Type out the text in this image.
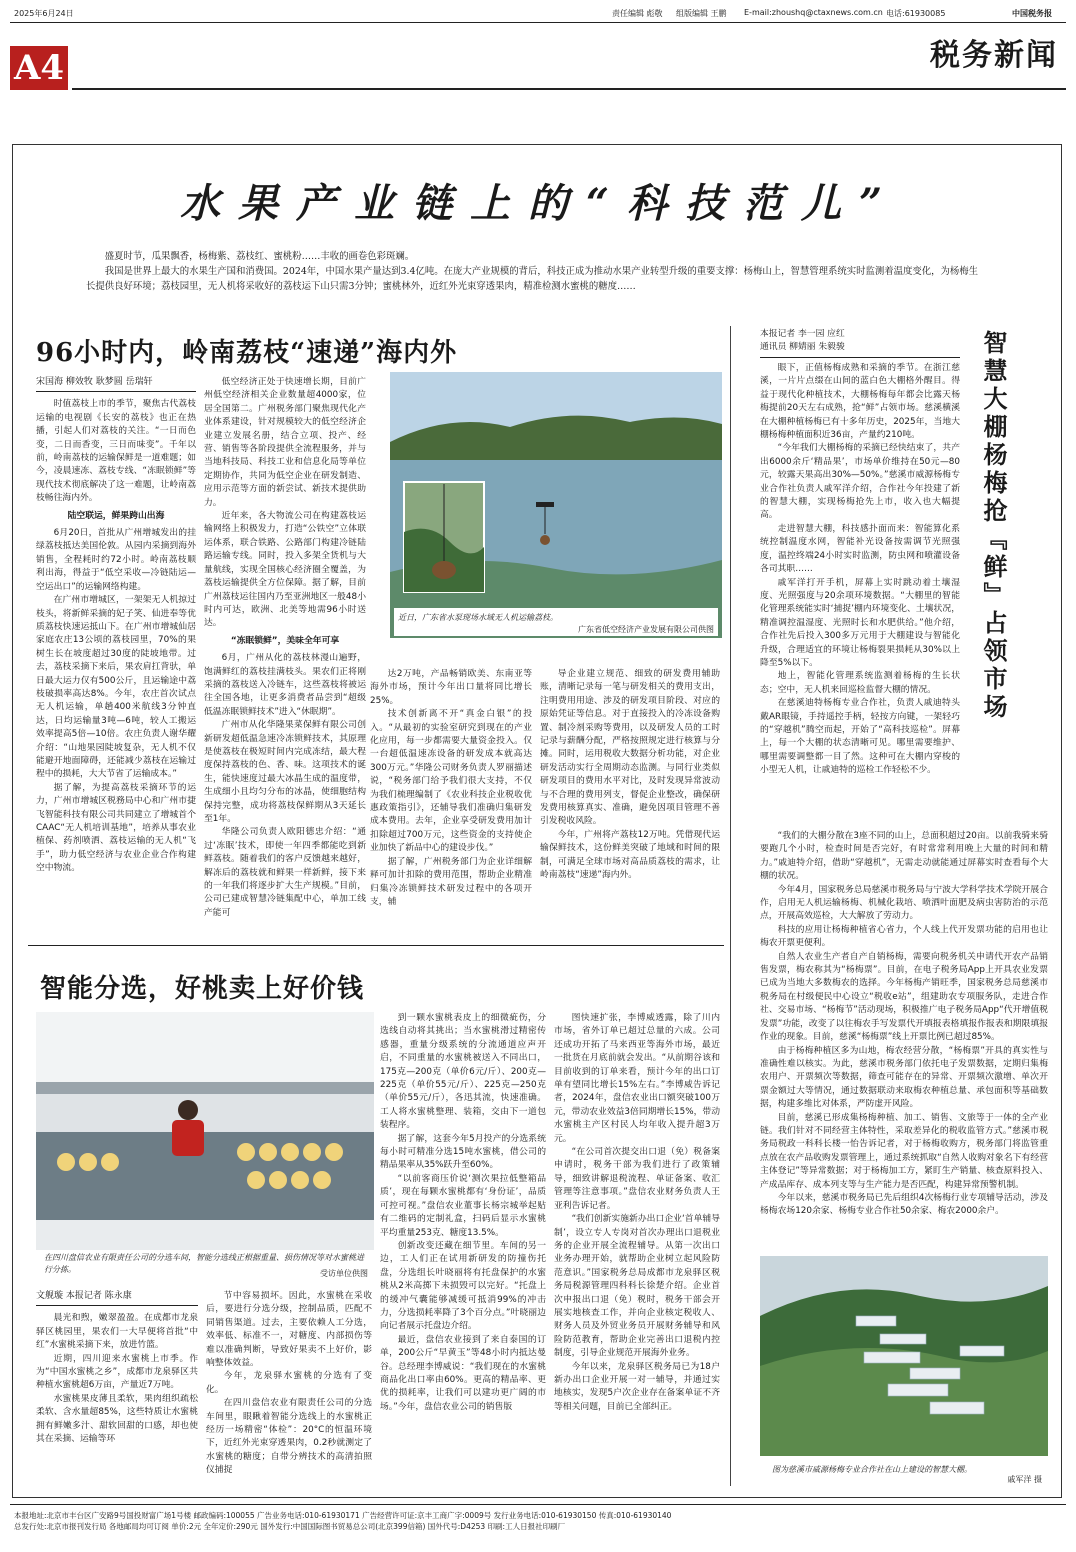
2025年6月24日	责任编辑 彪敬 组版编辑 王鹏 E-mail:zhoushq@ctaxnews.com.cn 电话:61930085	中国税务报
A4	税务新闻
水果产业链上的“科技范儿”

盛夏时节，瓜果飘香，杨梅紫、荔枝红、蜜桃粉……丰收的画卷色彩斑斓。

我国是世界上最大的水果生产国和消费国。2024年，中国水果产量达到3.4亿吨。在庞大产业规模的背后，科技正成为推动水果产业转型升级的重要支撑：杨梅山上，智慧管理系统实时监测着温度变化，为杨梅生长提供良好环境；荔枝园里，无人机将采收好的荔枝运下山只需3分钟；蜜桃林外，近红外光束穿透果肉，精准检测水蜜桃的糖度……

96小时内，岭南荔枝“速递”海内外
宋国海 柳效牧 耿梦圆 岳瑞轩

时值荔枝上市的季节，聚焦古代荔枝运输的电视剧《长安的荔枝》也正在热播，引起人们对荔枝的关注。“一日而色变，二日而香变，三日而味变”。千年以前，岭南荔枝的运输保鲜是一道难题；如今，凌晨速冻、荔枝专线、“冻眠锁鲜”等现代技术彻底解决了这一难题，让岭南荔枝畅往海内外。

陆空联运，鲜果跨山出海

6月20日，首批从广州增城发出的挂绿荔枝抵达美国伦敦。从园内采摘到海外销售，全程耗时约72小时。岭南荔枝顺利出海，得益于“低空采收—冷链陆运—空运出口”的运输网络构建。

在广州市增城区，一架架无人机掠过枝头，将新鲜采摘的妃子笑、仙进奉等优质荔枝快速运抵山下。在广州市增城仙居家庭农庄13公顷的荔枝园里，70%的果树生长在坡度超过30度的陡坡地带。过去，荔枝采摘下来后，果农肩扛背驮，单日最大运力仅有500公斤，且运输途中荔枝破损率高达8%。今年，农庄首次试点无人机运输，单趟400米航线3分钟直达，日均运输量3吨—6吨，较人工搬运效率提高5倍—10倍。农庄负责人谢华耀介绍：“山地果园陡坡复杂，无人机不仅能避开地面障碍，还能减少荔枝在运输过程中的损耗，大大节省了运输成本。”

据了解，为提高荔枝采摘环节的运力，广州市增城区税務局中心和广州市捷飞智能科技有限公司共同建立了增城首个CAAC“无人机培训基地”，培养从事农业植保、药剂喷洒、荔枝运输的无人机“飞手”，助力低空经济与农业企业合作构建空中物流。

低空经济正处于快速增长期，目前广州低空经济相关企业数量超4000家，位居全国第二。广州税务部门聚焦现代化产业体系建设，针对规模较大的低空经济企业建立发展名册，结合立项、投产、经营、销售等各阶段提供全流程服务，并与当地科技局、科技工业和信息化局等单位定期协作，共同为低空企业在研发制造、应用示范等方面的新尝试、新技术提供助力。

近年来，各大物流公司在构建荔枝运输网络上积极发力，打造“公铁空”立体联运体系，联合铁路、公路部门构建冷链陆路运输专线。同时，投入多架全货机与大量航线，实现全国核心经济圈全覆盖，为荔枝运输提供全方位保障。据了解，目前广州荔枝运往国内乃至亚洲地区一般48小时内可达，欧洲、北美等地需96小时送达。

“冻眠锁鲜”，美味全年可享

6月，广州从化的荔枝林漫山遍野，饱满鲜红的荔枝挂满枝头。果农们正将刚采摘的荔枝送入冷链车，这些荔枝将被运往全国各地，让更多消费者品尝到“超级低温冻眠锁鲜技术”进入“休眠期”。

广州市从化华隆果菜保鲜有限公司创新研发超低温急速冷冻锁鲜技术，其原理是使荔枝在极短时间内完成冻结，最大程度保持荔枝的色、香、味。这项技术的诞生，能快速度过最大冰晶生成的温度带，生成细小且均匀分布的冰晶，使细胞结构保持完整，成功将荔枝保鲜期从3天延长至1年。

华隆公司负责人欧阳德忠介绍：“通过‘冻眠’技术，即使一年四季都能吃到新鲜荔枝。随着我们的客户反馈越来越好，解冻后的荔枝就和鲜果一样新鲜，接下来的一年我们将逐步扩大生产规模。”目前，公司已建成智慧冷链集配中心，单加工线产能可

近日，广东省水泵现场水域无人机运输荔枝。
广东省低空经济产业发展有限公司供图

达2万吨，产品畅销欧美、东南亚等海外市场，预计今年出口量将同比增长25%。

技术创新离不开“真金白银”的投入。“从最初的实验室研究到现在的产业化应用，每一步都需要大量资金投入。仅一台超低温速冻设备的研发成本就高达300万元。”华隆公司财务负责人罗丽描述说，“税务部门给予我们很大支持，不仅为我们梳理编制了《农业科技企业税收优惠政策指引》，还辅导我们准确归集研发成本费用。去年，企业享受研发费用加计扣除超过700万元，这些资金的支持使企业加快了新品中心的建设步伐。”

据了解，广州税务部门为企业详细解释可加计扣除的费用范围，帮助企业精准归集冷冻锁鲜技术研发过程中的各项开支，辅

导企业建立规范、细致的研发费用辅助账，清晰记录每一笔与研发相关的费用支出，注明费用用途、涉及的研发项目阶段、对应的原始凭证等信息。对于直接投入的冷冻设备购置、制冷剂采购等费用，以及研发人员的工时记录与薪酬分配，严格按照规定进行核算与分摊。同时，运用税收大数据分析功能，对企业研发活动实行全周期动态监测。与同行业类似研发项目的费用水平对比，及时发现异常波动与不合理的费用列支，督促企业整改，确保研发费用核算真实、准确，避免因项目管理不善引发税收风险。

今年，广州将产荔枝12万吨。凭借现代运输保鲜技术，这份鲜美突破了地域和时间的限制，可满足全球市场对高品质荔枝的需求，让岭南荔枝“速递”海内外。

智能分选，好桃卖上好价钱
在四川盘信农业有限责任公司的分选车间，智能分选线正根据重量、损伤情况等对水蜜桃进行分拣。	受访单位供图
文舰璇 本报记者 陈永康

晨光和煦，嫩翠盈盈。在成都市龙泉驿区桃园里，果农们一大早便将首批“中红”水蜜桃采摘下来，放进竹篮。

近期，四川迎来水蜜桃上市季。作为“中国水蜜桃之乡”，成都市龙泉驿区共种植水蜜桃超6万亩，产量近7万吨。

水蜜桃果皮薄且柔软，果肉组织疏松柔软、含水量超85%，这些特质让水蜜桃拥有鲜嫩多汁、甜软回甜的口感，却也使其在采摘、运输等环

节中容易损坏。因此，水蜜桃在采收后，要进行分选分级，控制品质，匹配不同销售渠道。过去，主要依赖人工分选，效率低、标准不一，对糖度、内部损伤等难以准确判断，导致好果卖不上好价，影响整体效益。

今年，龙泉驿水蜜桃的分选有了变化。

在四川盘信农业有限责任公司的分选车间里，眼瞅着智能分选线上的水蜜桃正经历一场精密“体检”：20°C的恒温环境下，近红外光束穿透果肉，0.2秒就测定了水蜜桃的糖度；自带分辨技术的高清拍照仪捕捉

到一颗水蜜桃表皮上的细微疵伤，分选线自动将其挑出；当水蜜桃滑过精密传感器，重量分级系统的分流通道应声开启，不同重量的水蜜桃被送入不同出口，175克—200克（单价6元/斤）、200克—225克（单价55元/斤）、225克—250克（单价55元/斤），各迅其流，快速准确。工人将水蜜桃整理、装箱，交由下一道包装程序。

据了解，这套今年5月投产的分选系统每小时可精准分选15吨水蜜桃，借公司的精品果率从35%跃升至60%。

“以前客商压价说‘测次果拉低整箱品质’，现在每颗水蜜桃都有‘身份证’，品质可控可视。”盘信农业董事长杨宗城举起贴有二维码的定制礼盒，扫码后显示水蜜桃平均重量253克、糖度13.5%。

创新改变还藏在细节里。车间的另一边，工人们正在试用新研发的防撞伤托盘，分选组长叶晓丽将有托盘保护的水蜜桃从2米高掷下未损毁可以完好。“托盘上的缓冲气囊能够减缓可抵消99%的冲击力，分选损耗率降了3个百分点。”叶晓丽边向记者展示托盘边介绍。

最近，盘信农业接到了来自泰国的订单，200公斤“早黄玉”等48小时内抵达曼谷。总经理李博威说：“我们现在的水蜜桃商品化出口率由60%。更高的精品率、更优的损耗率，让我们可以建功更广阔的市场。”今年，盘信农业公司的销售版

图快速扩张，李博威透露，除了川内市场，省外订单已超过总量的六成。公司还成功开拓了马来西亚等海外市场，最近一批货在月底前就会发出。“从前期谷该和目前收到的订单来看，预计今年的出口订单有望同比增长15%左右。”李博威告诉记者，2024年，盘信农业出口额突破100万元，带动农业效益3倍同期增长15%，带动水蜜桃主产区村民人均年收入提升超3万元。

“在公司首次提交出口退（免）税备案申请时，税务干部为我们进行了政策辅导，细致讲解退税流程、单证备案、收汇管理等注意事项。”盘信农业财务负责人王亚利告诉记者。

“我们创新实施新办出口企业‘首单辅导制’，设立专人专岗对首次办理出口退税业务的企业开展全流程辅导。从第一次出口业务办理开始，就帮助企业树立起风险防范意识。”国家税务总局成都市龙泉驿区税务局税源管理四科科长徐楚介绍。企业首次申报出口退（免）税时，税务干部会开展实地核查工作，并向企业核定税收人、财务人员及外贸业务员开展财务辅导和风险防范教育，帮助企业完善出口退税内控制度，引导企业规范开展海外业务。

今年以来，龙泉驿区税务局已为18户新办出口企业开展一对一辅导，并通过实地核实，发现5户次企业存在备案单证不齐等相关问题，目前已全部纠正。

本报记者 李一园 应红
通讯员 柳婧丽 朱毅骏	智慧大棚杨梅抢『鲜』占领市场

眼下，正值杨梅成熟和采摘的季节。在浙江慈溪，一片片点缀在山间的蓝白色大棚格外醒目。得益于现代化种植技术，大棚杨梅每年都会比露天杨梅提前20天左右成熟，抢“鲜”占领市场。慈溪横溪在大棚种植杨梅已有十多年历史，2025年，当地大棚杨梅种植面积近36亩，产量约210吨。

“今年我们大棚杨梅的采摘已经快结束了，共产出6000余斤‘精品果’，市场单价维持在50元—80元，较露天果高出30%—50%。”慈溪市威源杨梅专业合作社负责人戚军洋介绍，合作社今年投建了新的智慧大棚，实现杨梅抢先上市，收入也大幅提高。

走进智慧大棚，科技感扑面而来：智能算化系统控制温度水网，智能补光设备按需调节光照强度，温控终端24小时实时监测，防虫网和喷灌设备各司其职……

戚军洋打开手机，屏幕上实时跳动着土壤湿度、光照强度与20余项环境数据。“大棚里的智能化管理系统能实时‘捕捉’棚内环境变化、土壤状况，精准调控温湿度、光照时长和水肥供给。”他介绍，合作社先后投入300多万元用于大棚建设与智能化升级，合理适宜的环境让杨梅裂果损耗从30%以上降至5%以下。

地上，智能化管理系统监测着杨梅的生长状态；空中，无人机来回巡检监督大棚的情况。

在慈溪迪特杨梅专业合作社，负责人戚迪特头戴AR眼镜，手持遥控手柄，轻按方向键，一架轻巧的“穿越机”腾空而起，开始了“高科技巡检”。屏幕上，每一个大棚的状态清晰可见。哪里需要维护、哪里需要调整都一目了然。这种可在大棚内穿梭的小型无人机，让戚迪特的巡检工作轻松不少。

“我们的大棚分散在3座不同的山上，总面积超过20亩。以前我骑来骑要跑几个小时，检查时间是否完好，有时常常利用晚上大量的时间和精力。”戚迪特介绍，借助“穿越机”，无需走动就能通过屏幕实时查看每个大棚的状况。

今年4月，国家税务总局慈溪市税务局与宁波大学科学技术学院开展合作，启用无人机运输杨梅、机械化栽培、喷洒叶面肥及病虫害防治的示范点，开展高效巡检，大大解放了劳动力。

科技的应用让杨梅种植省心省力，个人线上代开发票功能的启用也让梅农开票更便利。

自然人农业生产者自产自销杨梅，需要向税务机关申请代开农产品销售发票，梅农称其为“杨梅票”。目前，在电子税务局App上开具农业发票已成为当地大多数梅农的选择。今年杨梅产销旺季，国家税务总局慈溪市税务局在村级便民中心设立“税收e站”，组建助农专项服务队，走进合作社、交易市场、“杨梅节”活动现场，积极推广电子税务局App“代开增值税发票”功能，改变了以往梅农手写发票代开填报表格填报作报表和期限填报作业的现象。目前，慈溪“杨梅票”线上开票比例已超过85%。

由于杨梅种植区多为山地，梅农经营分散，“杨梅票”开具的真实性与准确性难以核实。为此，慈溪市税务部门依托电子发票数据，定期归集梅农用户、开票频次等数据，筛查可能存在的异常、开票频次激增、单次开票金额过大等情况，通过数据联动来取梅农种植总量、承包面积等基础数据，构建多维比对体系，严防虚开风险。

目前，慈溪已形成集杨梅种植、加工、销售、文旅等于一体的全产业链。我们针对不同经营主体特性，采取差异化的税收监管方式。”慈溪市税务局税政一科科长楼一怡告诉记者，对于杨梅收购方，税务部门将监管重点放在农产品收购发票管理上，通过系统抓取“自然人收购对象名下有经营主体登记”等异常数据；对于杨梅加工方，紧盯生产销量、核查原料投入、产成品库存、成本列支等与生产能力是否匹配，构建异常预警机制。

今年以来，慈溪市税务局已先后组织4次杨梅行业专项辅导活动，涉及杨梅农场120余家、杨梅专业合作社50余家、梅农2000余户。

图为慈溪市威源杨梅专业合作社在山上建设的智慧大棚。
戚军洋 摄
本报地址:北京市丰台区广安路9号国投财富广场1号楼 邮政编码:100055 广告业务电话:010-61930171 广告经营许可证:京丰工商广字:0009号 发行业务电话:010-61930150 传真:010-61930140
总发行处:北京市报刊发行局 各地邮局均可订阅 单价:2元 全年定价:290元 国外发行:中国国际图书贸易总公司(北京399信箱) 国外代号:D4253 印刷:工人日报社印刷厂
